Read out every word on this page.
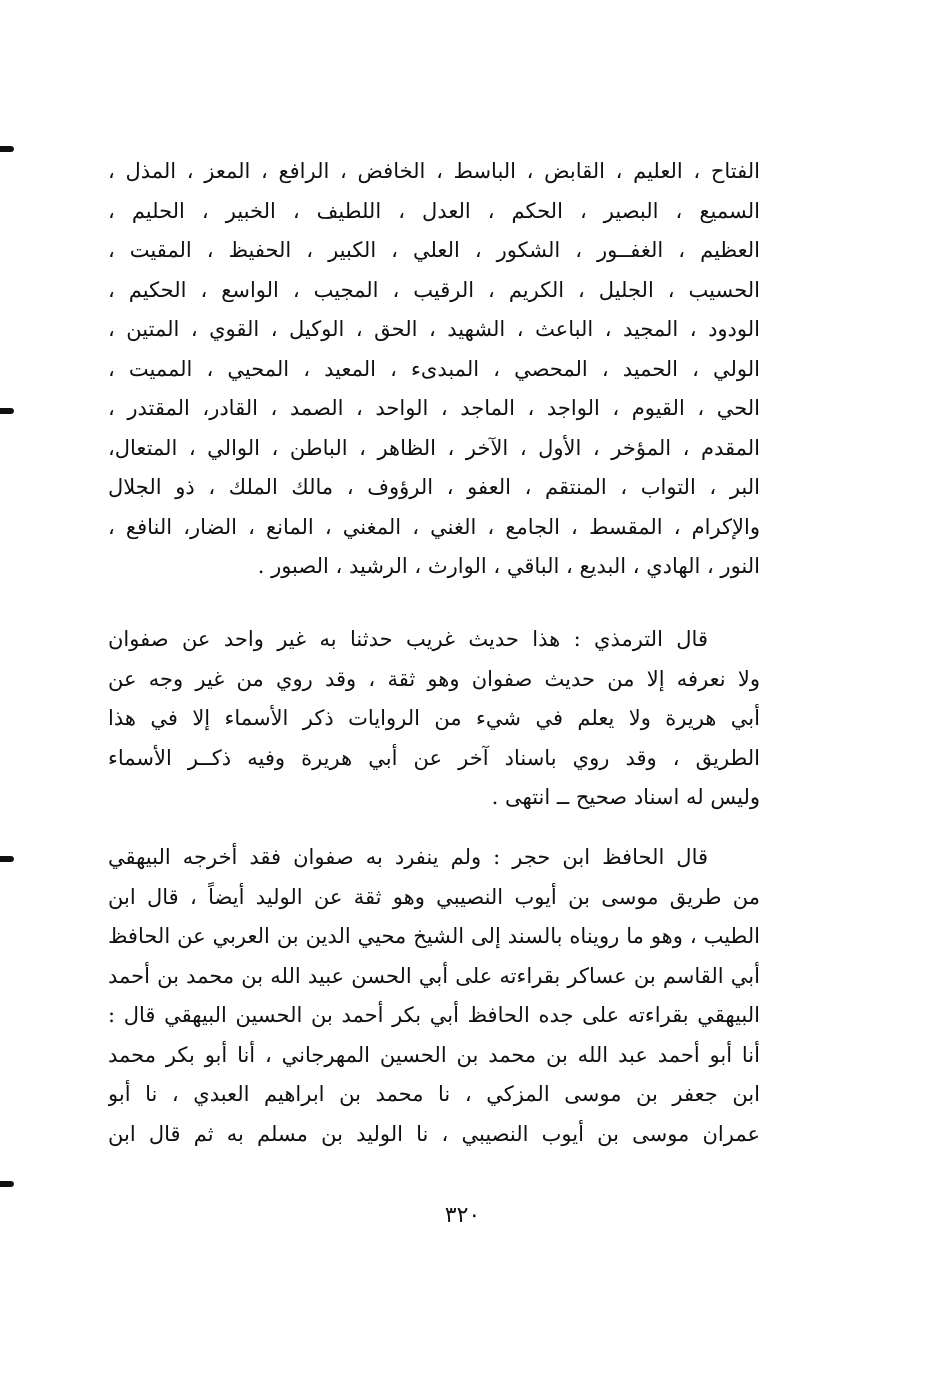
الفتاح ، العليم ، القابض ، الباسط ، الخافض ، الرافع ، المعز ، المذل ،
السميع ، البصير ، الحكم ، العدل ، اللطيف ، الخبير ، الحليم ،
العظيم ، الغفــور ، الشكور ، العلي ، الكبير ، الحفيظ ، المقيت ،
الحسيب ، الجليل ، الكريم ، الرقيب ، المجيب ، الواسع ، الحكيم ،
الودود ، المجيد ، الباعث ، الشهيد ، الحق ، الوكيل ، القوي ، المتين ،
الولي ، الحميد ، المحصي ، المبدىء ، المعيد ، المحيي ، المميت ،
الحي ، القيوم ، الواجد ، الماجد ، الواحد ، الصمد ، القادر، المقتدر ،
المقدم ، المؤخر ، الأول ، الآخر ، الظاهر ، الباطن ، الوالي ، المتعال،
البر ، التواب ، المنتقم ، العفو ، الرؤوف ، مالك الملك ، ذو الجلال
والإكرام ، المقسط ، الجامع ، الغني ، المغني ، المانع ، الضار، النافع ،
النور ، الهادي ، البديع ، الباقي ، الوارث ، الرشيد ، الصبور .
قال الترمذي : هذا حديث غريب حدثنا به غير واحد عن صفوان
ولا نعرفه إلا من حديث صفوان وهو ثقة ، وقد روي من غير وجه عن
أبي هريرة ولا يعلم في شيء من الروايات ذكر الأسماء إلا في هذا
الطريق ، وقد روي باسناد آخر عن أبي هريرة وفيه ذكــر الأسماء
وليس له اسناد صحيح ــ انتهى .
قال الحافظ ابن حجر : ولم ينفرد به صفوان فقد أخرجه البيهقي
من طريق موسى بن أيوب النصيبي وهو ثقة عن الوليد أيضاً ، قال ابن
الطيب ، وهو ما رويناه بالسند إلى الشيخ محيي الدين بن العربي عن الحافظ
أبي القاسم بن عساكر بقراءته على أبي الحسن عبيد الله بن محمد بن أحمد
البيهقي بقراءته على جده الحافظ أبي بكر أحمد بن الحسين البيهقي قال :
أنا أبو أحمد عبد الله بن محمد بن الحسين المهرجاني ، أنا أبو بكر محمد
ابن جعفر بن موسى المزكي ، نا محمد بن ابراهيم العبدي ، نا أبو
عمران موسى بن أيوب النصيبي ، نا الوليد بن مسلم به ثم قال ابن
٣٢٠
